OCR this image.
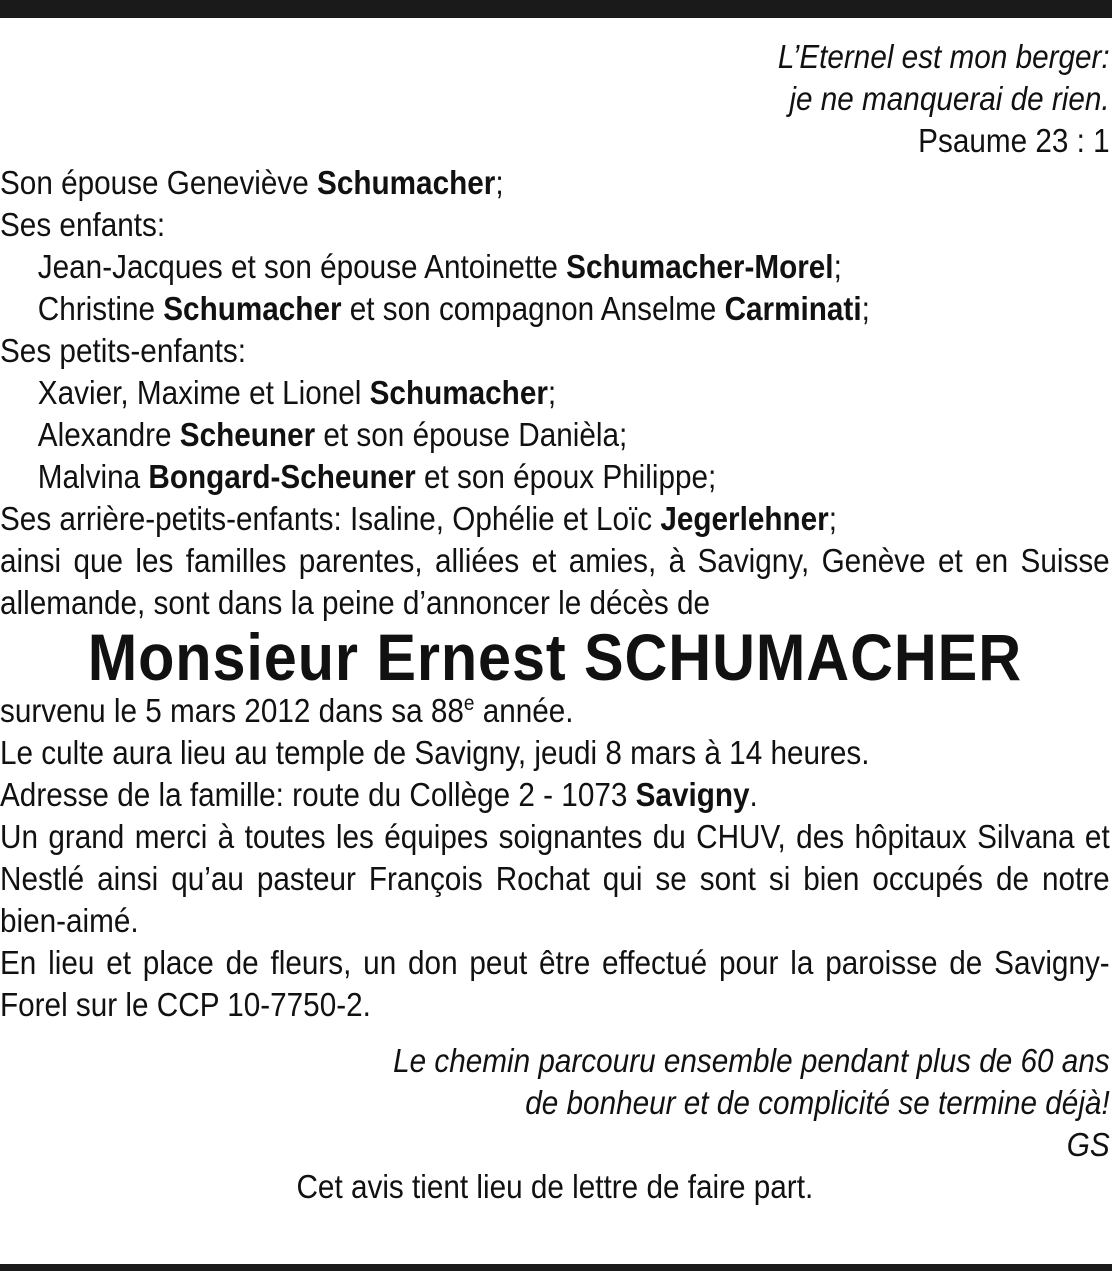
L’Eternel est mon berger:

je ne manquerai de rien.

Psaume 23 : 1

Son épouse Geneviève Schumacher;

Ses enfants:

Jean-Jacques et son épouse Antoinette Schumacher-Morel;

Christine Schumacher et son compagnon Anselme Carminati;

Ses petits-enfants:

Xavier, Maxime et Lionel Schumacher;

Alexandre Scheuner et son épouse Danièla;

Malvina Bongard-Scheuner et son époux Philippe;

Ses arrière-petits-enfants: Isaline, Ophélie et Loïc Jegerlehner;

ainsi que les familles parentes, alliées et amies, à Savigny, Genève et en Suisse allemande, sont dans la peine d’annoncer le décès de

Monsieur Ernest SCHUMACHER

survenu le 5 mars 2012 dans sa 88e année.

Le culte aura lieu au temple de Savigny, jeudi 8 mars à 14 heures.

Adresse de la famille: route du Collège 2 - 1073 Savigny.

Un grand merci à toutes les équipes soignantes du CHUV, des hôpitaux Silvana et Nestlé ainsi qu’au pasteur François Rochat qui se sont si bien occupés de notre bien-aimé.

En lieu et place de fleurs, un don peut être effectué pour la paroisse de Savigny-Forel sur le CCP 10-7750-2.

Le chemin parcouru ensemble pendant plus de 60 ans

de bonheur et de complicité se termine déjà!

GS

Cet avis tient lieu de lettre de faire part.
